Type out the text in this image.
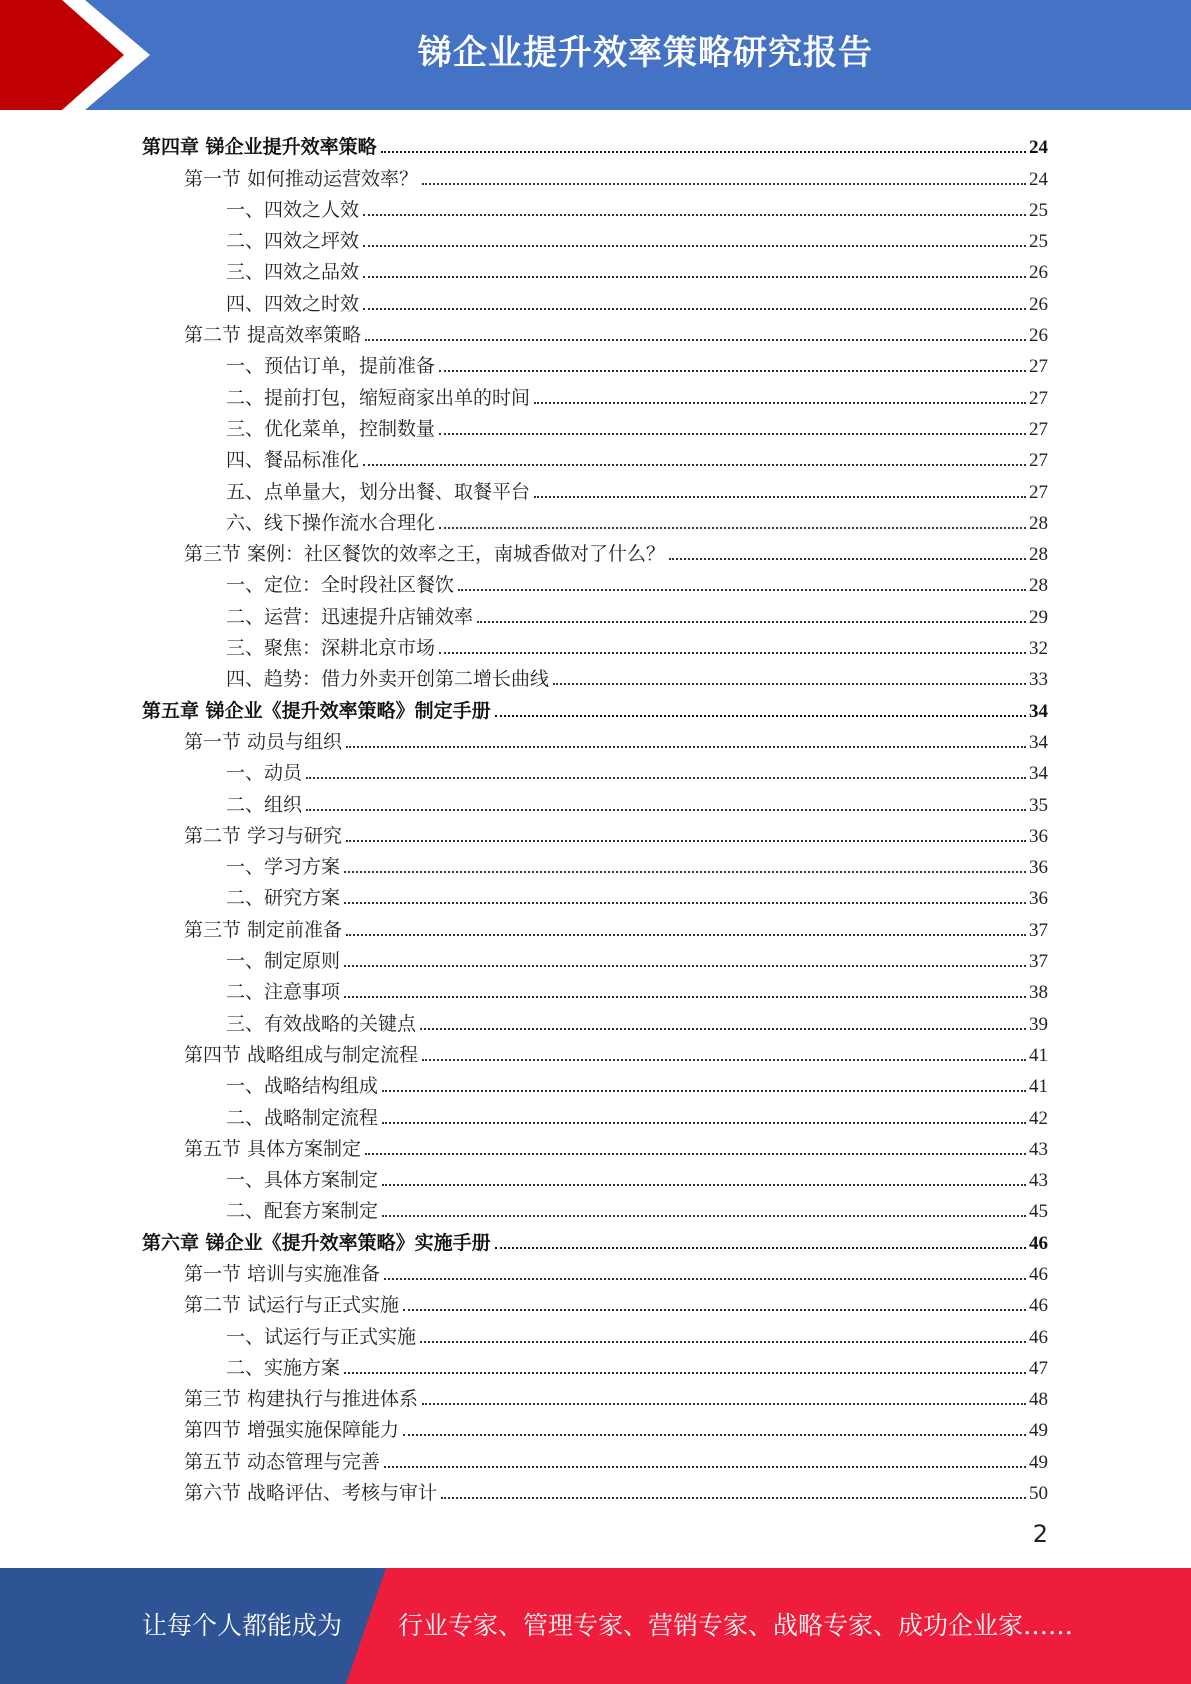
锑企业提升效率策略研究报告
第四章 锑企业提升效率策略	24
第一节 如何推动运营效率？	24
一、四效之人效	25
二、四效之坪效	25
三、四效之品效	26
四、四效之时效	26
第二节 提高效率策略	26
一、预估订单，提前准备	27
二、提前打包，缩短商家出单的时间	27
三、优化菜单，控制数量	27
四、餐品标准化	27
五、点单量大，划分出餐、取餐平台	27
六、线下操作流水合理化	28
第三节 案例：社区餐饮的效率之王，南城香做对了什么？	28
一、定位：全时段社区餐饮	28
二、运营：迅速提升店铺效率	29
三、聚焦：深耕北京市场	32
四、趋势：借力外卖开创第二增长曲线	33
第五章 锑企业《提升效率策略》制定手册	34
第一节 动员与组织	34
一、动员	34
二、组织	35
第二节 学习与研究	36
一、学习方案	36
二、研究方案	36
第三节 制定前准备	37
一、制定原则	37
二、注意事项	38
三、有效战略的关键点	39
第四节 战略组成与制定流程	41
一、战略结构组成	41
二、战略制定流程	42
第五节 具体方案制定	43
一、具体方案制定	43
二、配套方案制定	45
第六章 锑企业《提升效率策略》实施手册	46
第一节 培训与实施准备	46
第二节 试运行与正式实施	46
一、试运行与正式实施	46
二、实施方案	47
第三节 构建执行与推进体系	48
第四节 增强实施保障能力	49
第五节 动态管理与完善	49
第六节 战略评估、考核与审计	50
2
让每个人都能成为 行业专家、管理专家、营销专家、战略专家、成功企业家……
